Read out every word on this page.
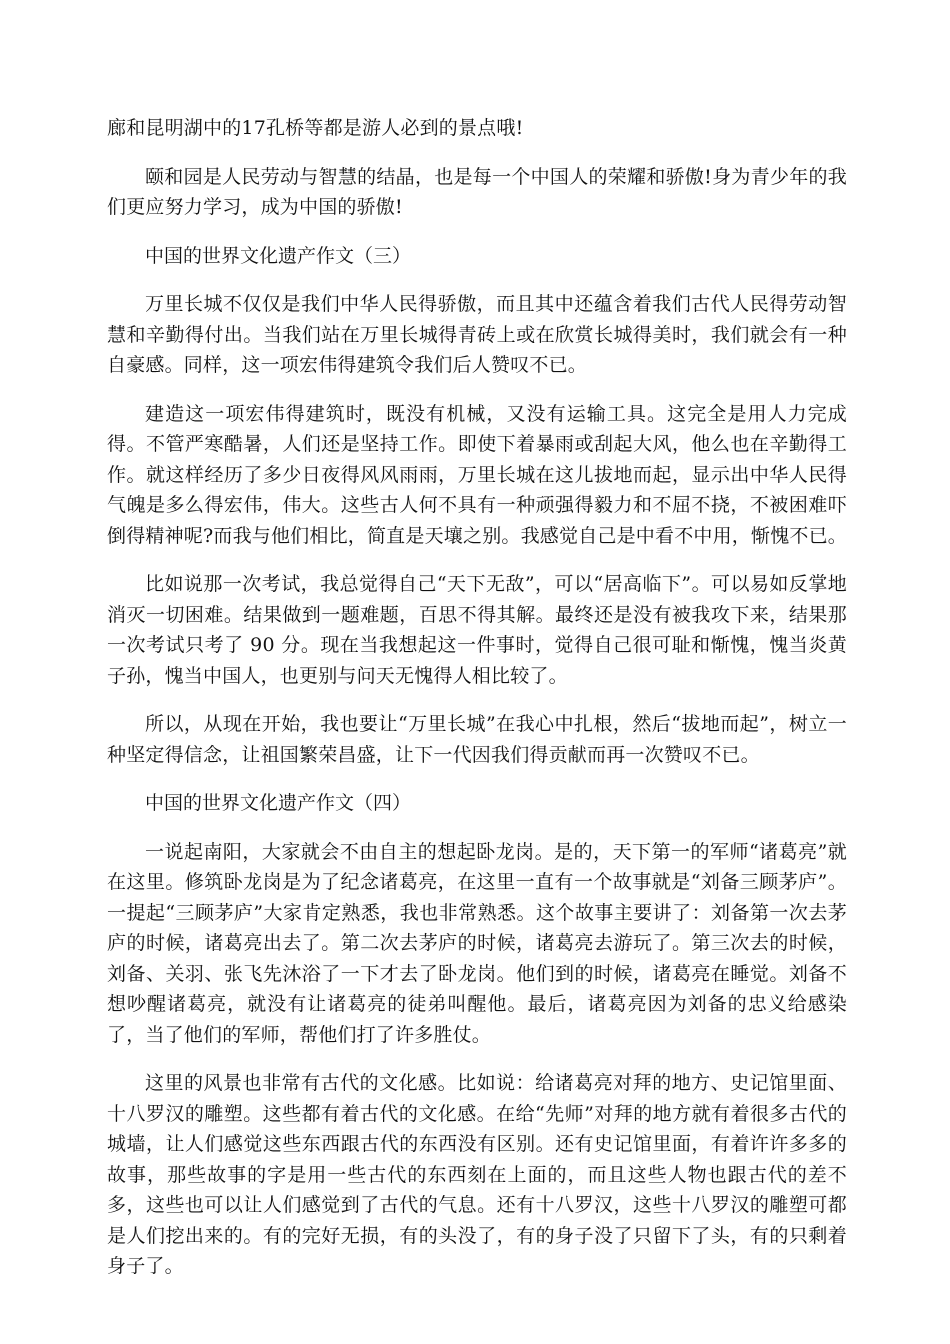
廊和昆明湖中的17孔桥等都是游人必到的景点哦!

颐和园是人民劳动与智慧的结晶，也是每一个中国人的荣耀和骄傲!身为青少年的我们更应努力学习，成为中国的骄傲!

中国的世界文化遗产作文（三）

万里长城不仅仅是我们中华人民得骄傲，而且其中还蕴含着我们古代人民得劳动智慧和辛勤得付出。当我们站在万里长城得青砖上或在欣赏长城得美时，我们就会有一种自豪感。同样，这一项宏伟得建筑令我们后人赞叹不已。

建造这一项宏伟得建筑时，既没有机械，又没有运输工具。这完全是用人力完成得。不管严寒酷暑，人们还是坚持工作。即使下着暴雨或刮起大风，他么也在辛勤得工作。就这样经历了多少日夜得风风雨雨，万里长城在这儿拔地而起，显示出中华人民得气魄是多么得宏伟，伟大。这些古人何不具有一种顽强得毅力和不屈不挠，不被困难吓倒得精神呢?而我与他们相比，简直是天壤之别。我感觉自己是中看不中用，惭愧不已。

比如说那一次考试，我总觉得自己“天下无敌”，可以“居高临下”。可以易如反掌地消灭一切困难。结果做到一题难题，百思不得其解。最终还是没有被我攻下来，结果那一次考试只考了 90 分。现在当我想起这一件事时，觉得自己很可耻和惭愧，愧当炎黄子孙，愧当中国人，也更别与问天无愧得人相比较了。

所以，从现在开始，我也要让“万里长城”在我心中扎根，然后“拔地而起”，树立一种坚定得信念，让祖国繁荣昌盛，让下一代因我们得贡献而再一次赞叹不已。

中国的世界文化遗产作文（四）

一说起南阳，大家就会不由自主的想起卧龙岗。是的，天下第一的军师“诸葛亮”就在这里。修筑卧龙岗是为了纪念诸葛亮，在这里一直有一个故事就是“刘备三顾茅庐”。一提起“三顾茅庐”大家肯定熟悉，我也非常熟悉。这个故事主要讲了：刘备第一次去茅庐的时候，诸葛亮出去了。第二次去茅庐的时候，诸葛亮去游玩了。第三次去的时候，刘备、关羽、张飞先沐浴了一下才去了卧龙岗。他们到的时候，诸葛亮在睡觉。刘备不想吵醒诸葛亮，就没有让诸葛亮的徒弟叫醒他。最后，诸葛亮因为刘备的忠义给感染了，当了他们的军师，帮他们打了许多胜仗。

这里的风景也非常有古代的文化感。比如说：给诸葛亮对拜的地方、史记馆里面、十八罗汉的雕塑。这些都有着古代的文化感。在给“先师”对拜的地方就有着很多古代的城墙，让人们感觉这些东西跟古代的东西没有区别。还有史记馆里面，有着许许多多的故事，那些故事的字是用一些古代的东西刻在上面的，而且这些人物也跟古代的差不多，这些也可以让人们感觉到了古代的气息。还有十八罗汉，这些十八罗汉的雕塑可都是人们挖出来的。有的完好无损，有的头没了，有的身子没了只留下了头，有的只剩着身子了。
